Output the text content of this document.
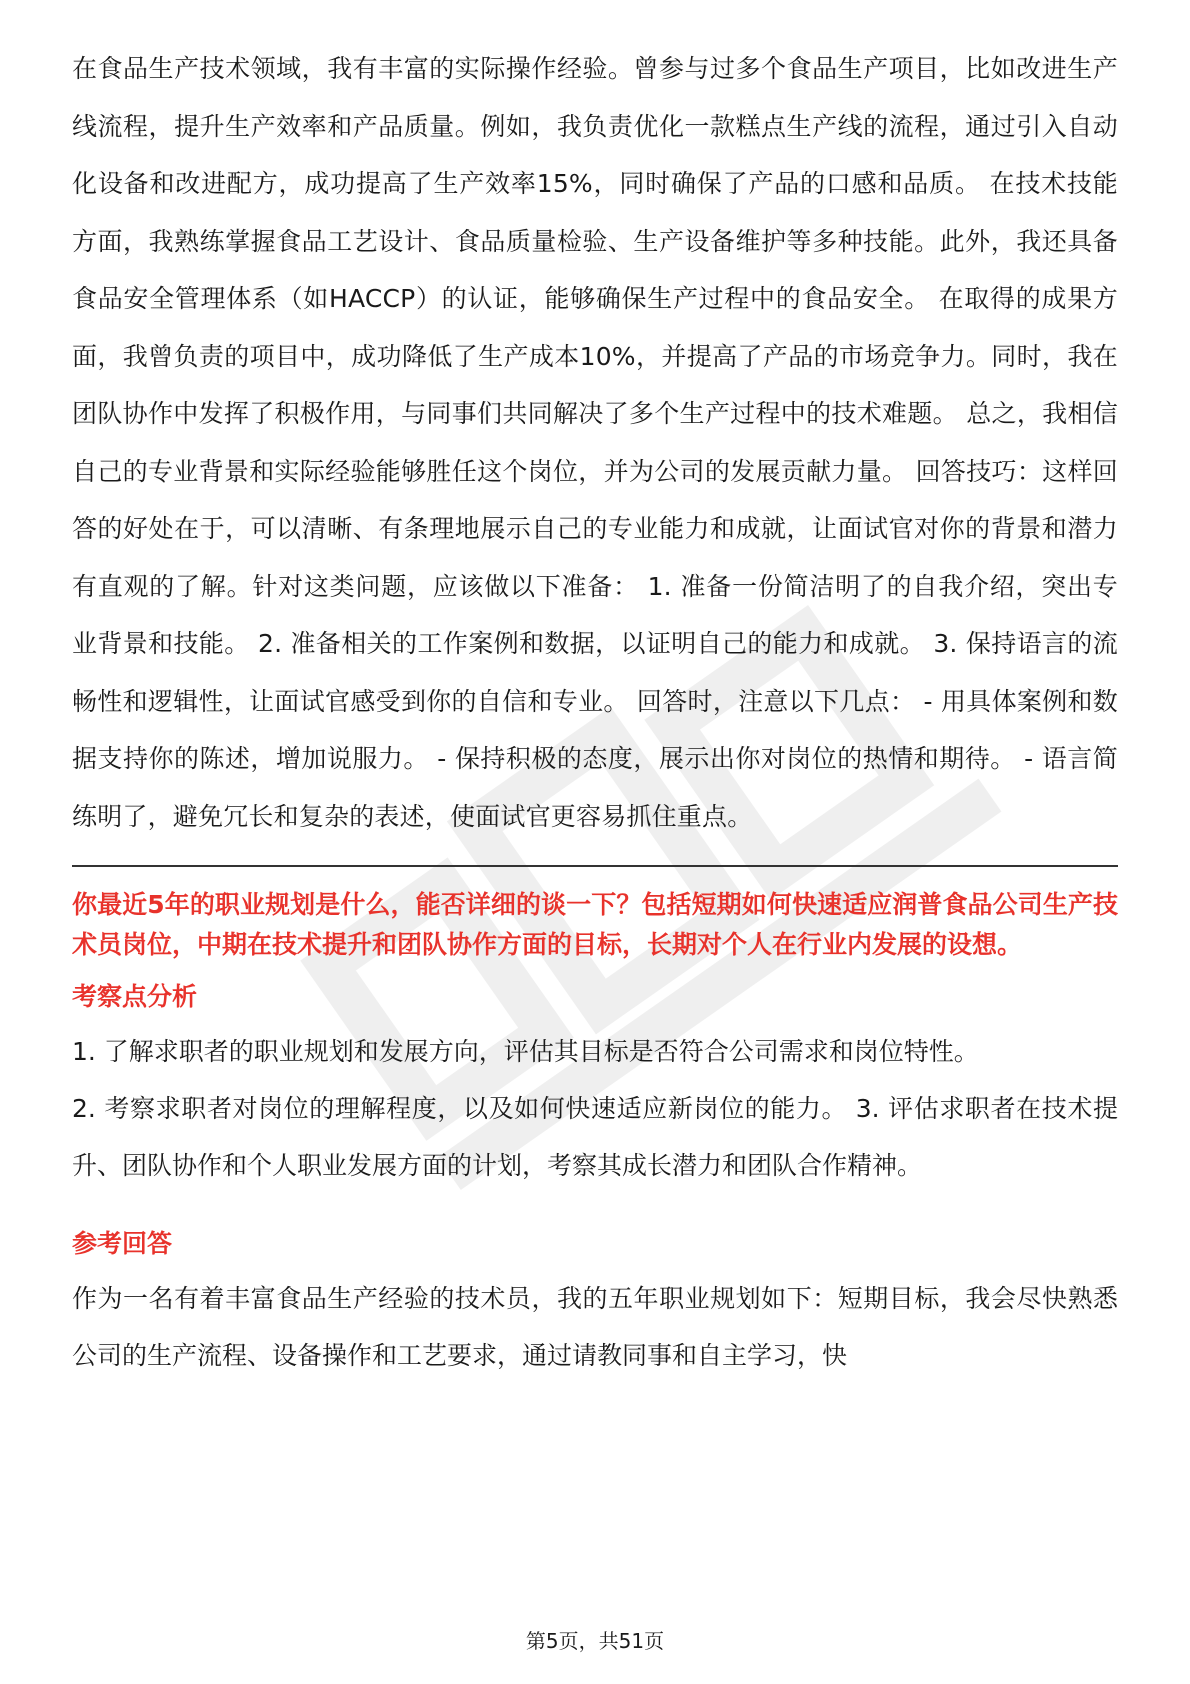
在食品生产技术领域，我有丰富的实际操作经验。曾参与过多个食品生产项目，比如改进生产线流程，提升生产效率和产品质量。例如，我负责优化一款糕点生产线的流程，通过引入自动化设备和改进配方，成功提高了生产效率15%，同时确保了产品的口感和品质。 在技术技能方面，我熟练掌握食品工艺设计、食品质量检验、生产设备维护等多种技能。此外，我还具备食品安全管理体系（如HACCP）的认证，能够确保生产过程中的食品安全。 在取得的成果方面，我曾负责的项目中，成功降低了生产成本10%，并提高了产品的市场竞争力。同时，我在团队协作中发挥了积极作用，与同事们共同解决了多个生产过程中的技术难题。 总之，我相信自己的专业背景和实际经验能够胜任这个岗位，并为公司的发展贡献力量。 回答技巧：这样回答的好处在于，可以清晰、有条理地展示自己的专业能力和成就，让面试官对你的背景和潜力有直观的了解。针对这类问题，应该做以下准备： 1. 准备一份简洁明了的自我介绍，突出专业背景和技能。 2. 准备相关的工作案例和数据，以证明自己的能力和成就。 3. 保持语言的流畅性和逻辑性，让面试官感受到你的自信和专业。 回答时，注意以下几点： - 用具体案例和数据支持你的陈述，增加说服力。 - 保持积极的态度，展示出你对岗位的热情和期待。 - 语言简练明了，避免冗长和复杂的表述，使面试官更容易抓住重点。

你最近5年的职业规划是什么，能否详细的谈一下？包括短期如何快速适应润普食品公司生产技术员岗位，中期在技术提升和团队协作方面的目标，长期对个人在行业内发展的设想。

考察点分析

1. 了解求职者的职业规划和发展方向，评估其目标是否符合公司需求和岗位特性。

2. 考察求职者对岗位的理解程度，以及如何快速适应新岗位的能力。 3. 评估求职者在技术提升、团队协作和个人职业发展方面的计划，考察其成长潜力和团队合作精神。

参考回答

作为一名有着丰富食品生产经验的技术员，我的五年职业规划如下：短期目标，我会尽快熟悉公司的生产流程、设备操作和工艺要求，通过请教同事和自主学习，快

第5页，共51页
